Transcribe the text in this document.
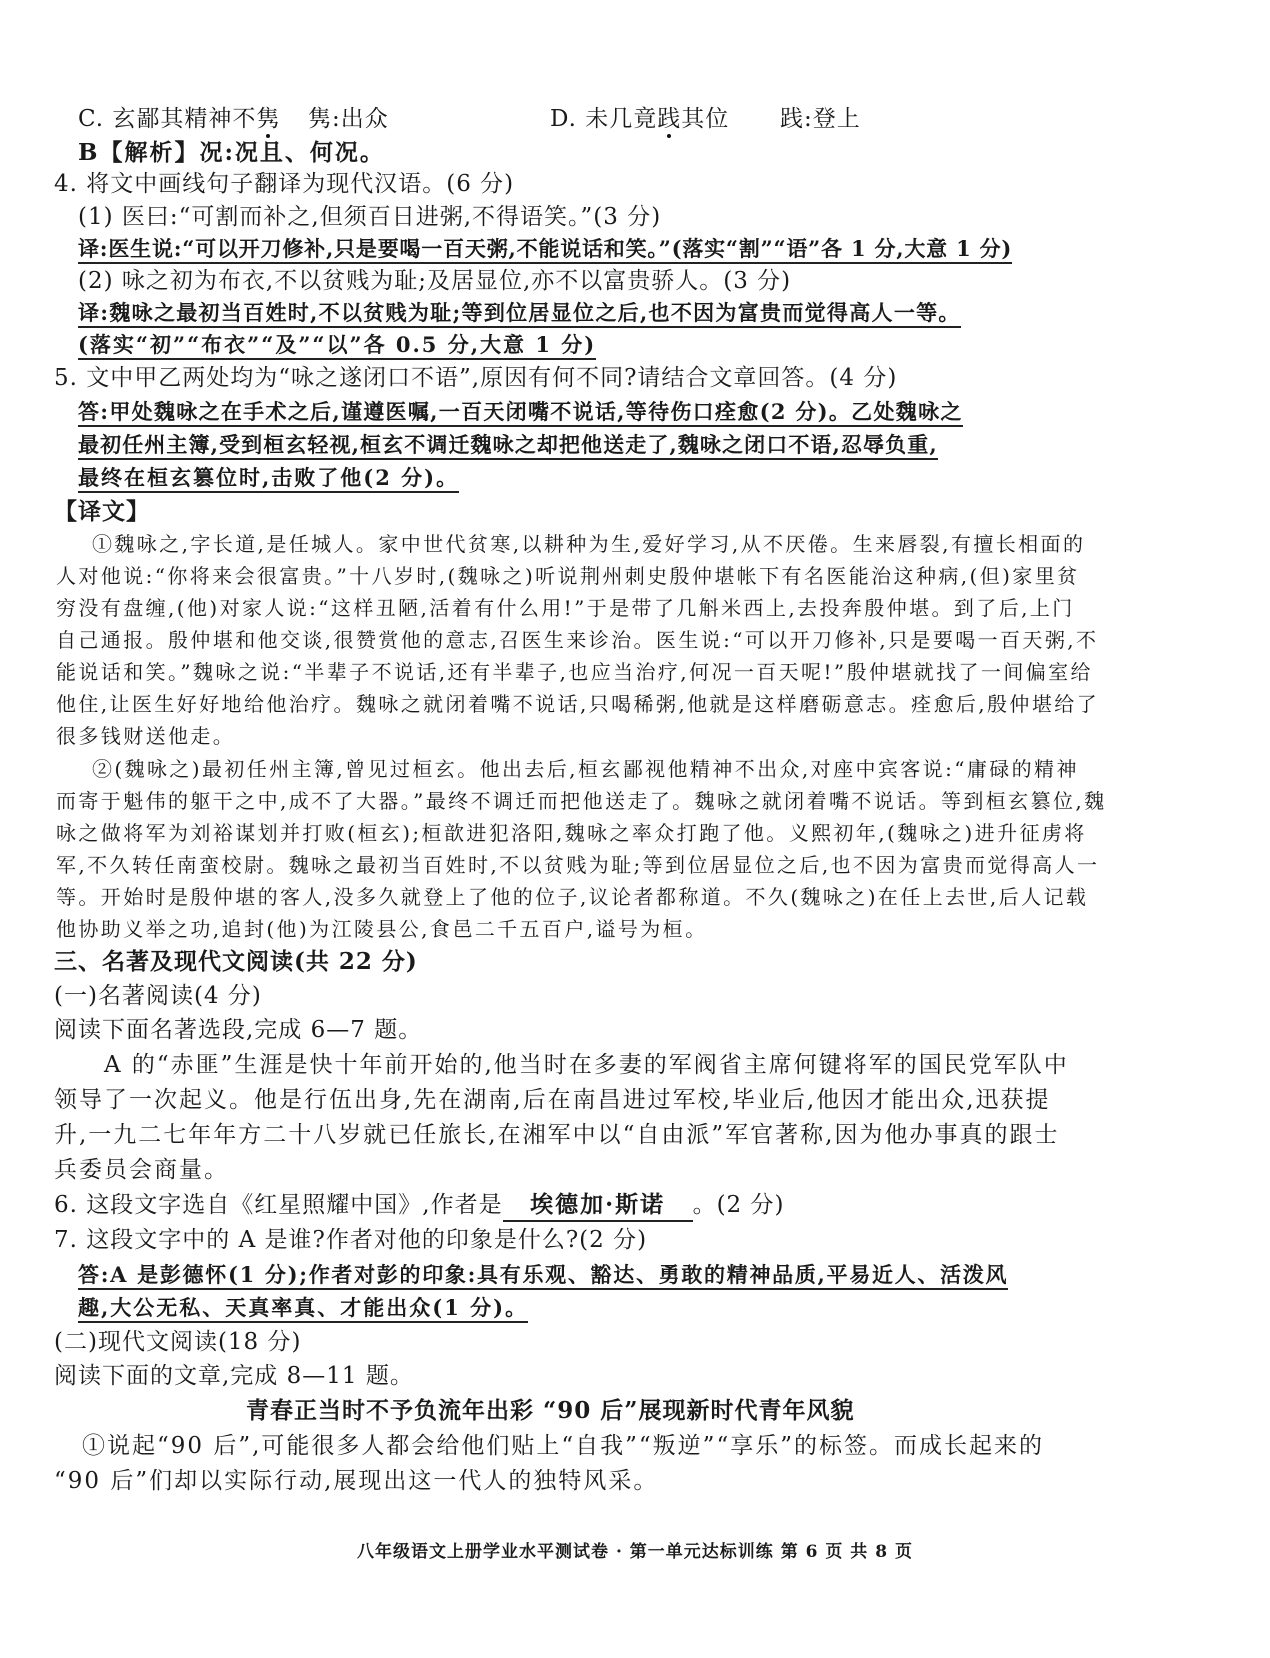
C. 玄鄙其精神不隽 隽:出众	D. 未几竟践其位 践:登上
B【解析】况:况且、何况。
4. 将文中画线句子翻译为现代汉语。(6 分)
(1) 医曰:“可割而补之,但须百日进粥,不得语笑。”(3 分)
译:医生说:“可以开刀修补,只是要喝一百天粥,不能说话和笑。”(落实“割”“语”各 1 分,大意 1 分)
(2) 咏之初为布衣,不以贫贱为耻;及居显位,亦不以富贵骄人。(3 分)
译:魏咏之最初当百姓时,不以贫贱为耻;等到位居显位之后,也不因为富贵而觉得高人一等。
(落实“初”“布衣”“及”“以”各 0.5 分,大意 1 分)
5. 文中甲乙两处均为“咏之遂闭口不语”,原因有何不同?请结合文章回答。(4 分)
答:甲处魏咏之在手术之后,谨遵医嘱,一百天闭嘴不说话,等待伤口痊愈(2 分)。乙处魏咏之
最初任州主簿,受到桓玄轻视,桓玄不调迁魏咏之却把他送走了,魏咏之闭口不语,忍辱负重,
最终在桓玄篡位时,击败了他(2 分)。
【译文】
①魏咏之,字长道,是任城人。家中世代贫寒,以耕种为生,爱好学习,从不厌倦。生来唇裂,有擅长相面的
人对他说:“你将来会很富贵。”十八岁时,(魏咏之)听说荆州刺史殷仲堪帐下有名医能治这种病,(但)家里贫
穷没有盘缠,(他)对家人说:“这样丑陋,活着有什么用!”于是带了几斛米西上,去投奔殷仲堪。到了后,上门
自己通报。殷仲堪和他交谈,很赞赏他的意志,召医生来诊治。医生说:“可以开刀修补,只是要喝一百天粥,不
能说话和笑。”魏咏之说:“半辈子不说话,还有半辈子,也应当治疗,何况一百天呢!”殷仲堪就找了一间偏室给
他住,让医生好好地给他治疗。魏咏之就闭着嘴不说话,只喝稀粥,他就是这样磨砺意志。痊愈后,殷仲堪给了
很多钱财送他走。
②(魏咏之)最初任州主簿,曾见过桓玄。他出去后,桓玄鄙视他精神不出众,对座中宾客说:“庸碌的精神
而寄于魁伟的躯干之中,成不了大器。”最终不调迁而把他送走了。魏咏之就闭着嘴不说话。等到桓玄篡位,魏
咏之做将军为刘裕谋划并打败(桓玄);桓歆进犯洛阳,魏咏之率众打跑了他。义熙初年,(魏咏之)进升征虏将
军,不久转任南蛮校尉。魏咏之最初当百姓时,不以贫贱为耻;等到位居显位之后,也不因为富贵而觉得高人一
等。开始时是殷仲堪的客人,没多久就登上了他的位子,议论者都称道。不久(魏咏之)在任上去世,后人记载
他协助义举之功,追封(他)为江陵县公,食邑二千五百户,谥号为桓。
三、名著及现代文阅读(共 22 分)
(一)名著阅读(4 分)
阅读下面名著选段,完成 6—7 题。
A 的“赤匪”生涯是快十年前开始的,他当时在多妻的军阀省主席何键将军的国民党军队中
领导了一次起义。他是行伍出身,先在湖南,后在南昌进过军校,毕业后,他因才能出众,迅获提
升,一九二七年年方二十八岁就已任旅长,在湘军中以“自由派”军官著称,因为他办事真的跟士
兵委员会商量。
6. 这段文字选自《红星照耀中国》,作者是 埃德加·斯诺 。(2 分)
7. 这段文字中的 A 是谁?作者对他的印象是什么?(2 分)
答:A 是彭德怀(1 分);作者对彭的印象:具有乐观、豁达、勇敢的精神品质,平易近人、活泼风
趣,大公无私、天真率真、才能出众(1 分)。
(二)现代文阅读(18 分)
阅读下面的文章,完成 8—11 题。
青春正当时不予负流年出彩 “90 后”展现新时代青年风貌
①说起“90 后”,可能很多人都会给他们贴上“自我”“叛逆”“享乐”的标签。而成长起来的
“90 后”们却以实际行动,展现出这一代人的独特风采。
八年级语文上册学业水平测试卷 · 第一单元达标训练 第 6 页 共 8 页
